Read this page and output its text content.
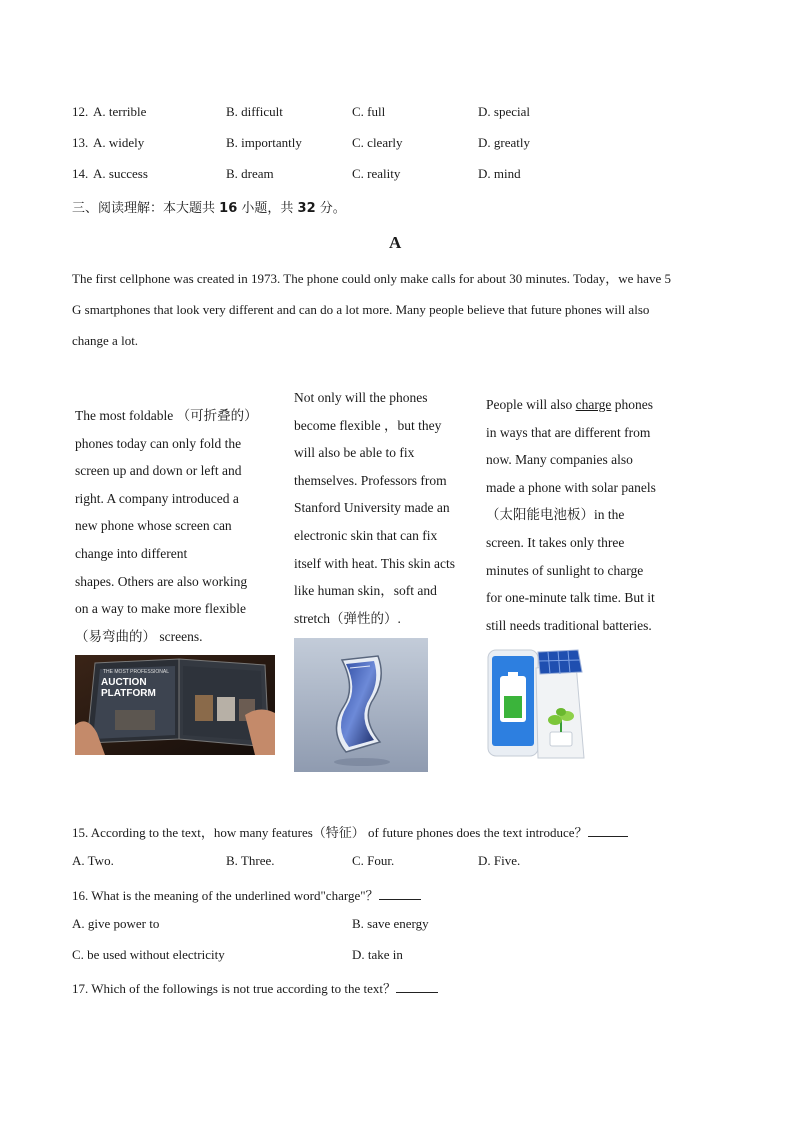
12. A. terrible	B. difficult	C. full	D. special
13. A. widely	B. importantly	C. clearly	D. greatly
14. A. success	B. dream	C. reality	D. mind
三、阅读理解：本大题共 16 小题，共 32 分。
A
The first cellphone was created in 1973. The phone could only make calls for about 30 minutes. Today，we have 5
G smartphones that look very different and can do a lot more. Many people believe that future phones will also
change a lot.
The most foldable （可折叠的）
phones today can only fold the
screen up and down or left and
right. A company introduced a
new phone whose screen can
change into different
shapes. Others are also working
on a way to make more flexible
（易弯曲的） screens.
Not only will the phones
become flexible ，but they
will also be able to fix
themselves. Professors from
Stanford University made an
electronic skin that can fix
itself with heat. This skin acts
like human skin，soft and
stretch（弹性的）.
People will also charge phones
in ways that are different from
now. Many companies also
made a phone with solar panels
（太阳能电池板）in the
screen. It takes only three
minutes of sunlight to charge
for one-minute talk time. But it
still needs traditional batteries.
THE MOST PROFESSIONAL
AUCTION
PLATFORM
15. According to the text，how many features（特征） of future phones does the text introduce？
A. Two.	B. Three.	C. Four.	D. Five.
16. What is the meaning of the underlined word"charge"？
A. give power to	B. save energy
C. be used without electricity	D. take in
17. Which of the followings is not true according to the text？
